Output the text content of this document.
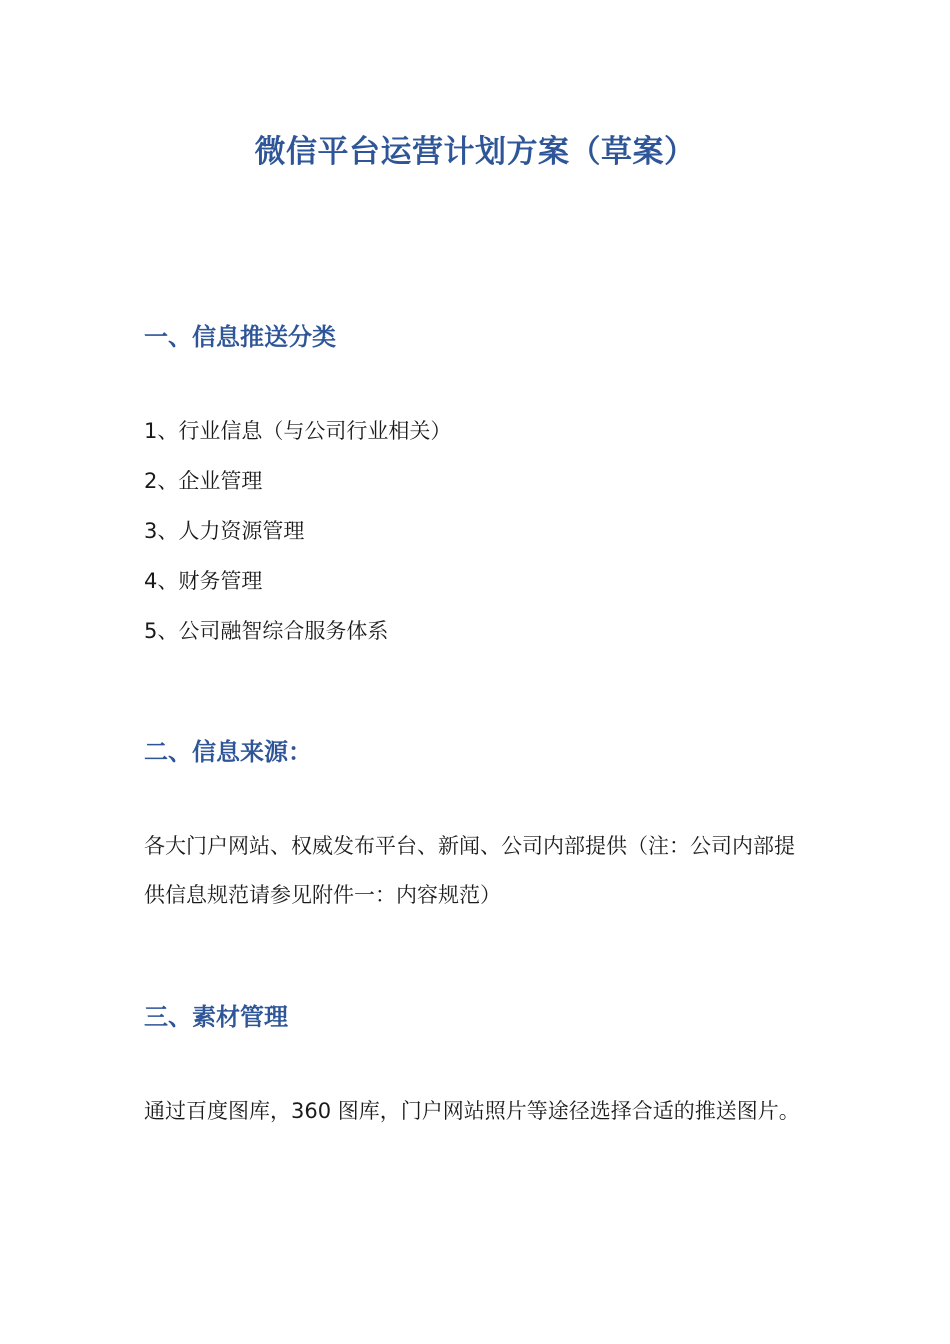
微信平台运营计划方案（草案）
一、信息推送分类
1、行业信息（与公司行业相关）
2、企业管理
3、人力资源管理
4、财务管理
5、公司融智综合服务体系
二、信息来源：
各大门户网站、权威发布平台、新闻、公司内部提供（注：公司内部提
供信息规范请参见附件一：内容规范）
三、素材管理
通过百度图库，360 图库，门户网站照片等途径选择合适的推送图片。
